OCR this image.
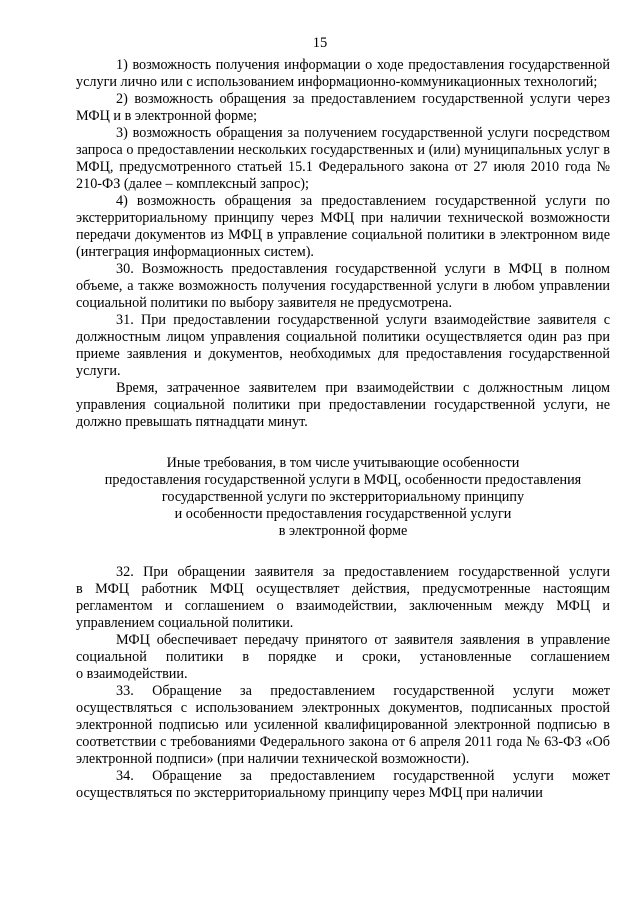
15

1) возможность получения информации о ходе предоставления государственной услуги лично или с использованием информационно-коммуникационных технологий;

2) возможность обращения за предоставлением государственной услуги через МФЦ и в электронной форме;

3) возможность обращения за получением государственной услуги посредством запроса о предоставлении нескольких государственных и (или) муниципальных услуг в МФЦ, предусмотренного статьей 15.1 Федерального закона от 27 июля 2010 года № 210-ФЗ (далее – комплексный запрос);

4) возможность обращения за предоставлением государственной услуги по экстерриториальному принципу через МФЦ при наличии технической возможности передачи документов из МФЦ в управление социальной политики в электронном виде (интеграция информационных систем).

30. Возможность предоставления государственной услуги в МФЦ в полном объеме, а также возможность получения государственной услуги в любом управлении социальной политики по выбору заявителя не предусмотрена.

31. При предоставлении государственной услуги взаимодействие заявителя с должностным лицом управления социальной политики осуществляется один раз при приеме заявления и документов, необходимых для предоставления государственной услуги.

Время, затраченное заявителем при взаимодействии с должностным лицом управления социальной политики при предоставлении государственной услуги, не должно превышать пятнадцати минут.

Иные требования, в том числе учитывающие особенности
предоставления государственной услуги в МФЦ, особенности предоставления
государственной услуги по экстерриториальному принципу
и особенности предоставления государственной услуги
в электронной форме

32. При обращении заявителя за предоставлением государственной услуги в МФЦ работник МФЦ осуществляет действия, предусмотренные настоящим регламентом и соглашением о взаимодействии, заключенным между МФЦ и управлением социальной политики.

МФЦ обеспечивает передачу принятого от заявителя заявления в управление социальной политики в порядке и сроки, установленные соглашением о взаимодействии.

33. Обращение за предоставлением государственной услуги может осуществляться с использованием электронных документов, подписанных простой электронной подписью или усиленной квалифицированной электронной подписью в соответствии с требованиями Федерального закона от 6 апреля 2011 года № 63-ФЗ «Об электронной подписи» (при наличии технической возможности).

34. Обращение за предоставлением государственной услуги может осуществляться по экстерриториальному принципу через МФЦ при наличии
